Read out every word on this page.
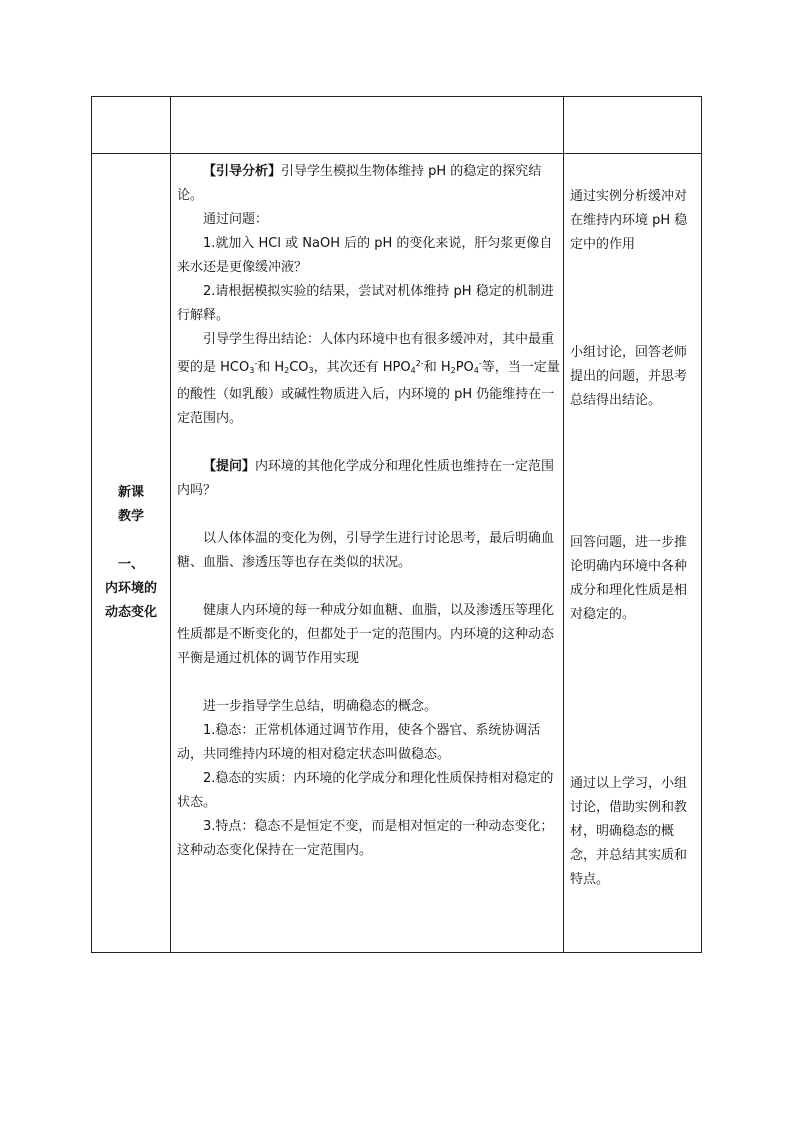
新课
教学
一、
内环境的
动态变化

【引导分析】引导学生模拟生物体维持 pH 的稳定的探究结论。

通过问题：

1.就加入 HCl 或 NaOH 后的 pH 的变化来说，肝匀浆更像自来水还是更像缓冲液？

2.请根据模拟实验的结果，尝试对机体维持 pH 稳定的机制进行解释。

引导学生得出结论：人体内环境中也有很多缓冲对，其中最重要的是 $HCO_3^-$和 $H_2CO_3$，其次还有 $HPO_4^{2-}$和 $H_2PO_4^-$等，当一定量的酸性（如乳酸）或碱性物质进入后，内环境的 pH 仍能维持在一定范围内。

【提问】内环境的其他化学成分和理化性质也维持在一定范围内吗？

以人体体温的变化为例，引导学生进行讨论思考，最后明确血糖、血脂、渗透压等也存在类似的状况。

健康人内环境的每一种成分如血糖、血脂，以及渗透压等理化性质都是不断变化的，但都处于一定的范围内。内环境的这种动态平衡是通过机体的调节作用实现

进一步指导学生总结，明确稳态的概念。

1.稳态：正常机体通过调节作用，使各个器官、系统协调活动，共同维持内环境的相对稳定状态叫做稳态。

2.稳态的实质：内环境的化学成分和理化性质保持相对稳定的状态。

3.特点：稳态不是恒定不变，而是相对恒定的一种动态变化；这种动态变化保持在一定范围内。

通过实例分析缓冲对在维持内环境 pH 稳定中的作用
小组讨论，回答老师提出的问题，并思考总结得出结论。
回答问题，进一步推论明确内环境中各种成分和理化性质是相对稳定的。
通过以上学习，小组讨论，借助实例和教材，明确稳态的概念，并总结其实质和特点。
